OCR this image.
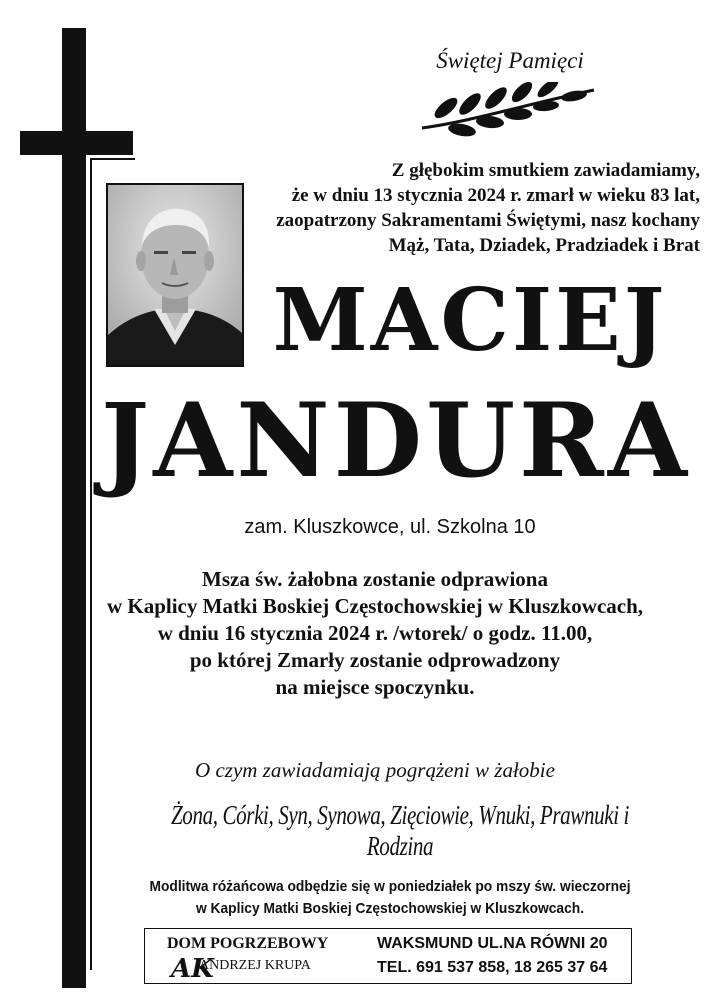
Świętej Pamięci
Z głębokim smutkiem zawiadamiamy,
że w dniu 13 stycznia 2024 r. zmarł w wieku 83 lat,
zaopatrzony Sakramentami Świętymi, nasz kochany
Mąż, Tata, Dziadek, Pradziadek i Brat
MACIEJ
JANDURA
zam. Kluszkowce, ul. Szkolna 10
Msza św. żałobna zostanie odprawiona
w Kaplicy Matki Boskiej Częstochowskiej w Kluszkowcach,
w dniu 16 stycznia 2024 r. /wtorek/ o godz. 11.00,
po której Zmarły zostanie odprowadzony
na miejsce spoczynku.
O czym zawiadamiają pogrążeni w żałobie
Żona, Córki, Syn, Synowa, Zięciowie, Wnuki, Prawnuki i Rodzina
Modlitwa różańcowa odbędzie się w poniedziałek po mszy św. wieczornej
w Kaplicy Matki Boskiej Częstochowskiej w Kluszkowcach.
DOM POGRZEBOWY
AK
ANDRZEJ KRUPA
WAKSMUND UL.NA RÓWNI 20
TEL. 691 537 858, 18 265 37 64
